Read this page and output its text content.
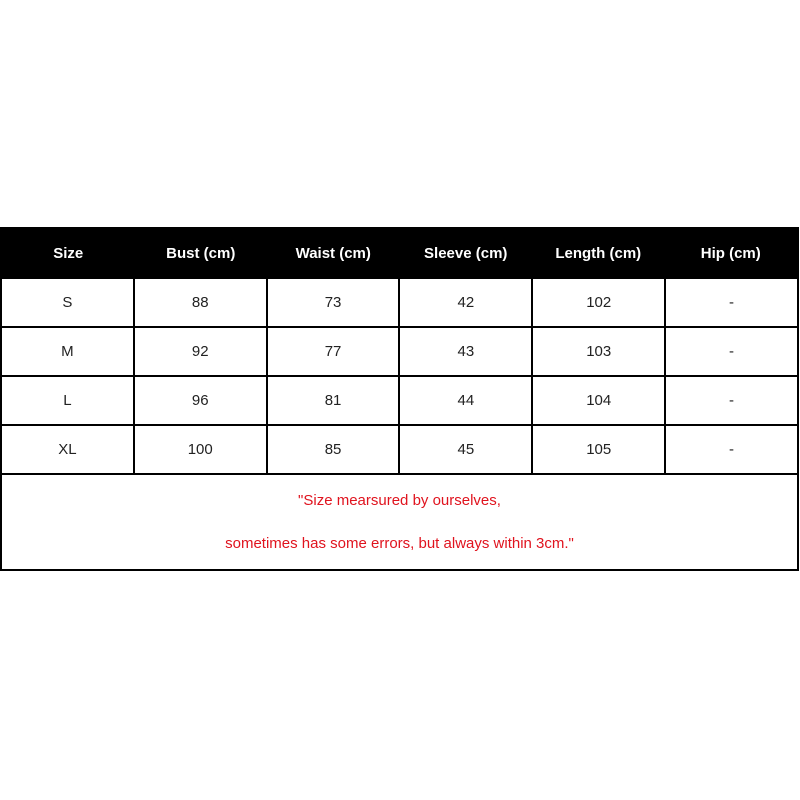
Size	Bust (cm)	Waist (cm)	Sleeve (cm)	Length (cm)	Hip (cm)
S	88	73	42	102	-
M	92	77	43	103	-
L	96	81	44	104	-
XL	100	85	45	105	-
"Size mearsured by ourselves,
sometimes has some errors, but always within 3cm."
